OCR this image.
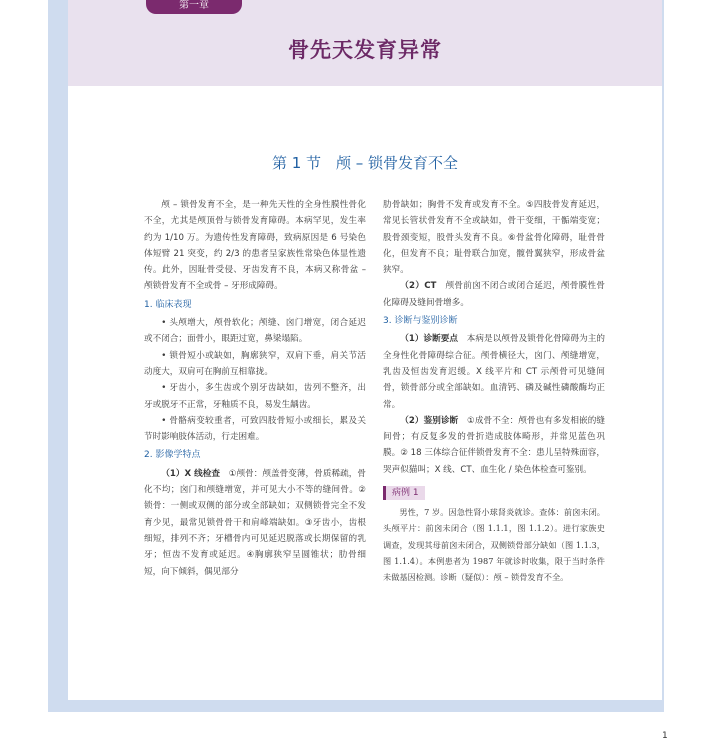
第一章
骨先天发育异常
第 1 节　颅 – 锁骨发育不全

颅 – 锁骨发育不全，是一种先天性的全身性膜性骨化不全，尤其是颅顶骨与锁骨发育障碍。本病罕见，发生率约为 1/10 万。为遗传性发育障碍，致病原因是 6 号染色体短臂 21 突变，约 2/3 的患者呈家族性常染色体显性遗传。此外，因耻骨受侵、牙齿发育不良，本病又称骨盆 – 颅锁骨发育不全或骨 – 牙形成障碍。

1. 临床表现

• 头颅增大，颅骨软化；颅缝、囟门增宽，闭合延迟或不闭合；面骨小，眼距过宽，鼻梁塌陷。

• 锁骨短小或缺如，胸廓狭窄，双肩下垂，肩关节活动度大，双肩可在胸前互相靠拢。

• 牙齿小，多生齿或个别牙齿缺如，齿列不整齐，出牙或脱牙不正常，牙釉质不良，易发生龋齿。

• 骨骼病变较重者，可致四肢骨短小或细长，累及关节时影响肢体活动，行走困难。

2. 影像学特点

（1）X 线检查　 ①颅骨：颅盖骨变薄，骨质稀疏，骨化不均；囟门和颅缝增宽，并可见大小不等的缝间骨。②锁骨：一侧或双侧的部分或全部缺如；双侧锁骨完全不发育少见，最常见锁骨骨干和肩峰端缺如。③牙齿小，齿根细短，排列不齐；牙槽骨内可见延迟脱落或长期保留的乳牙；恒齿不发育或延迟。④胸廓狭窄呈圆锥状；肋骨细短，向下倾斜，偶见部分

肋骨缺如；胸骨不发育或发育不全。⑤四肢骨发育延迟，常见长管状骨发育不全或缺如，骨干变细，干骺端变宽；股骨颈变短，股骨头发育不良。⑥骨盆骨化障碍，耻骨骨化，但发育不良；耻骨联合加宽，髋骨翼狭窄，形成骨盆狭窄。

（2）CT　 颅骨前囟不闭合或闭合延迟，颅骨膜性骨化障碍及缝间骨增多。

3. 诊断与鉴别诊断

（1）诊断要点　 本病是以颅骨及锁骨化骨障碍为主的全身性化骨障碍综合征。颅骨横径大，囟门、颅缝增宽，乳齿及恒齿发育迟缓。X 线平片和 CT 示颅骨可见缝间骨，锁骨部分或全部缺如。血清钙、磷及碱性磷酸酶均正常。

（2）鉴别诊断　 ①成骨不全：颅骨也有多发相嵌的缝间骨；有反复多发的骨折造成肢体畸形，并常见蓝色巩膜。② 18 三体综合征伴锁骨发育不全：患儿呈特殊面容，哭声似猫叫；X 线、CT、血生化 / 染色体检查可鉴别。

病例 1

男性，7 岁。因急性肾小球肾炎就诊。查体：前囟未闭。头颅平片：前囟未闭合（图 1.1.1，图 1.1.2）。进行家族史调查，发现其母前囟未闭合，双侧锁骨部分缺如（图 1.1.3，图 1.1.4）。本例患者为 1987 年就诊时收集，限于当时条件未做基因检测。诊断（疑似）：颅 – 锁骨发育不全。

1
